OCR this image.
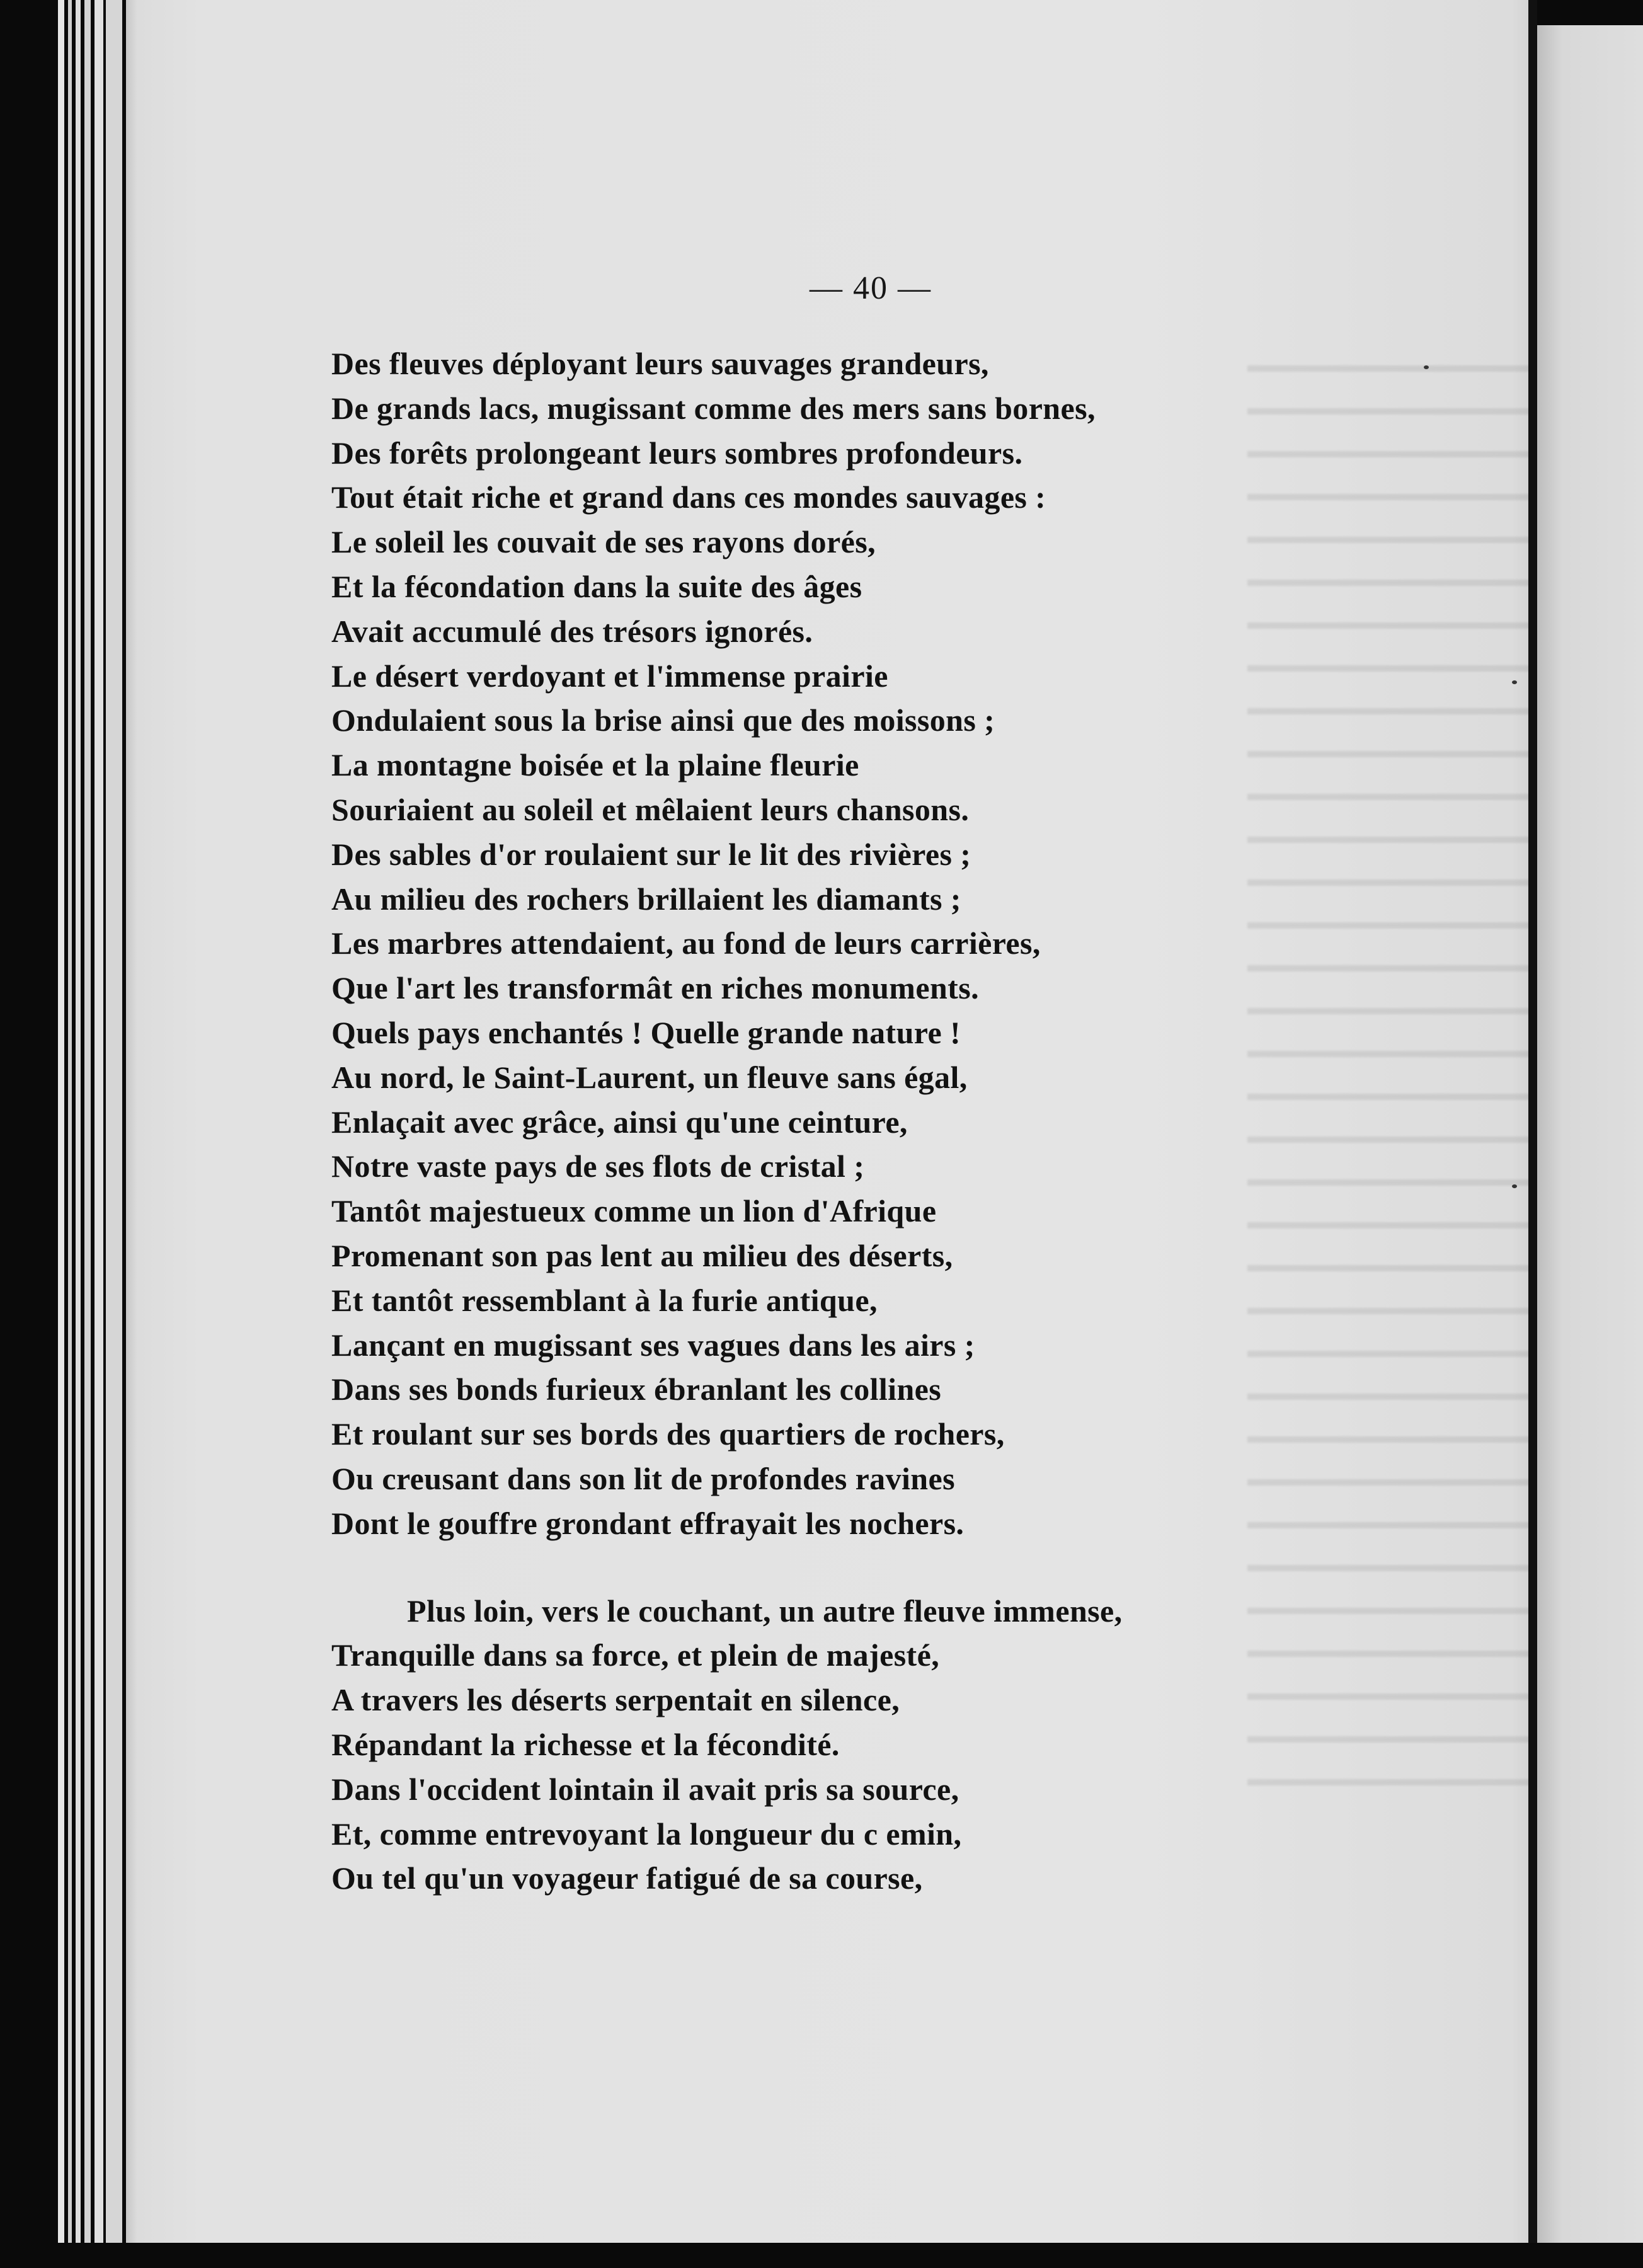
— 40 —
Des fleuves déployant leurs sauvages grandeurs,
De grands lacs, mugissant comme des mers sans bornes,
Des forêts prolongeant leurs sombres profondeurs.
Tout était riche et grand dans ces mondes sauvages :
Le soleil les couvait de ses rayons dorés,
Et la fécondation dans la suite des âges
Avait accumulé des trésors ignorés.
Le désert verdoyant et l'immense prairie
Ondulaient sous la brise ainsi que des moissons ;
La montagne boisée et la plaine fleurie
Souriaient au soleil et mêlaient leurs chansons.
Des sables d'or roulaient sur le lit des rivières ;
Au milieu des rochers brillaient les diamants ;
Les marbres attendaient, au fond de leurs carrières,
Que l'art les transformât en riches monuments.
Quels pays enchantés ! Quelle grande nature !
Au nord, le Saint-Laurent, un fleuve sans égal,
Enlaçait avec grâce, ainsi qu'une ceinture,
Notre vaste pays de ses flots de cristal ;
Tantôt majestueux comme un lion d'Afrique
Promenant son pas lent au milieu des déserts,
Et tantôt ressemblant à la furie antique,
Lançant en mugissant ses vagues dans les airs ;
Dans ses bonds furieux ébranlant les collines
Et roulant sur ses bords des quartiers de rochers,
Ou creusant dans son lit de profondes ravines
Dont le gouffre grondant effrayait les nochers.
Plus loin, vers le couchant, un autre fleuve immense,
Tranquille dans sa force, et plein de majesté,
A travers les déserts serpentait en silence,
Répandant la richesse et la fécondité.
Dans l'occident lointain il avait pris sa source,
Et, comme entrevoyant la longueur du c emin,
Ou tel qu'un voyageur fatigué de sa course,
